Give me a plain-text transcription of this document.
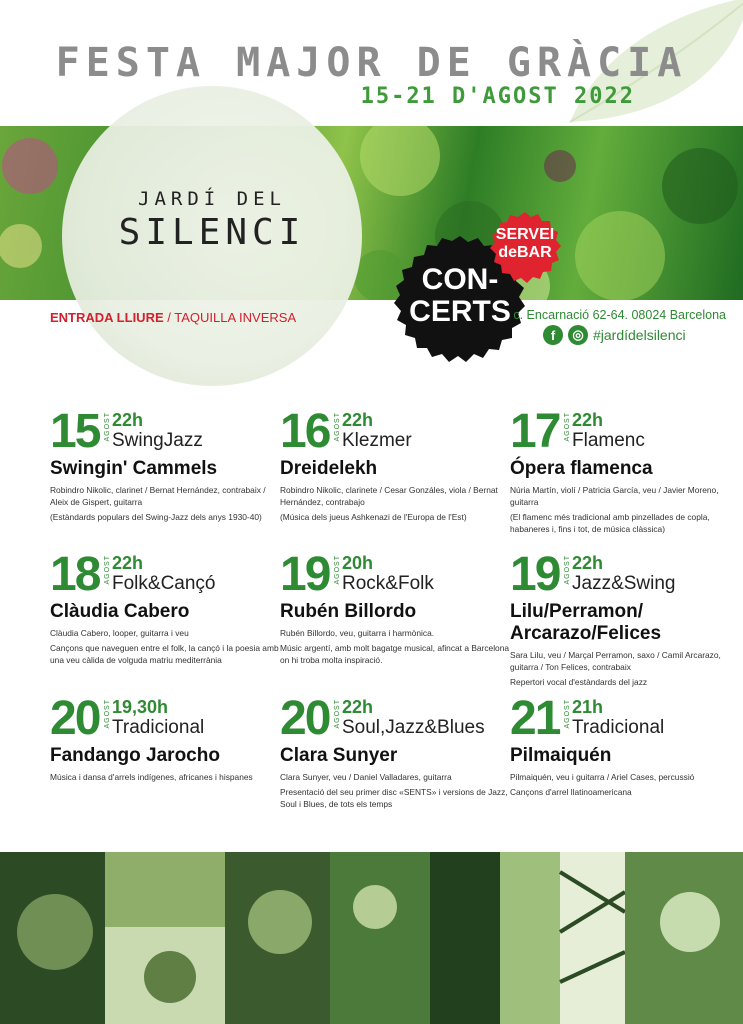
FESTA MAJOR DE GRÀCIA
15-21 D'AGOST 2022
JARDÍ DEL
SILENCI
CON-
CERTS
SERVEI
deBAR
ENTRADA LLIURE / TAQUILLA INVERSA	c. Encarnació 62-64. 08024 Barcelona
f	◎ #jardídelsilenci
15 AGOST 22h
SwingJazz
Swingin' Cammels
Robindro Nikolic, clarinet / Bernat Hernández, contrabaix / Aleix de Gispert, guitarra
(Estàndards populars del Swing-Jazz dels anys 1930-40)
16 AGOST 22h
Klezmer
Dreidelekh
Robindro Nikolic, clarinete / Cesar Gonzáles, viola / Bernat Hernández, contrabajo
(Música dels jueus Ashkenazi de l'Europa de l'Est)
17 AGOST 22h
Flamenc
Ópera flamenca
Núria Martín, violí / Patricia García, veu / Javier Moreno, guitarra
(El flamenc més tradicional amb pinzellades de copla, habaneres i, fins i tot, de música clàssica)
18 AGOST 22h
Folk&Cançó
Clàudia Cabero
Clàudia Cabero, looper, guitarra i veu
Cançons que naveguen entre el folk, la cançó i la poesia amb una veu càlida de volguda matriu mediterrània
19 AGOST 20h
Rock&Folk
Rubén Billordo
Rubén Billordo, veu, guitarra i harmònica.
Músic argentí, amb molt bagatge musical, afincat a Barcelona on hi troba molta inspiració.
19 AGOST 22h
Jazz&Swing
Lilu/Perramon/ Arcarazo/Felices
Sara Lilu, veu / Marçal Perramon, saxo / Camil Arcarazo, guitarra / Ton Felices, contrabaix
Repertori vocal d'estàndards del jazz
20 AGOST 19,30h
Tradicional
Fandango Jarocho
Música i dansa d'arrels indígenes, africanes i hispanes
20 AGOST 22h
Soul,Jazz&Blues
Clara Sunyer
Clara Sunyer, veu / Daniel Valladares, guitarra
Presentació del seu primer disc «SENTS» i versions de Jazz, Soul i Blues, de tots els temps
21 AGOST 21h
Tradicional
Pilmaiquén
Pilmaiquén, veu i guitarra / Ariel Cases, percussió
Cançons d'arrel llatinoamericana
